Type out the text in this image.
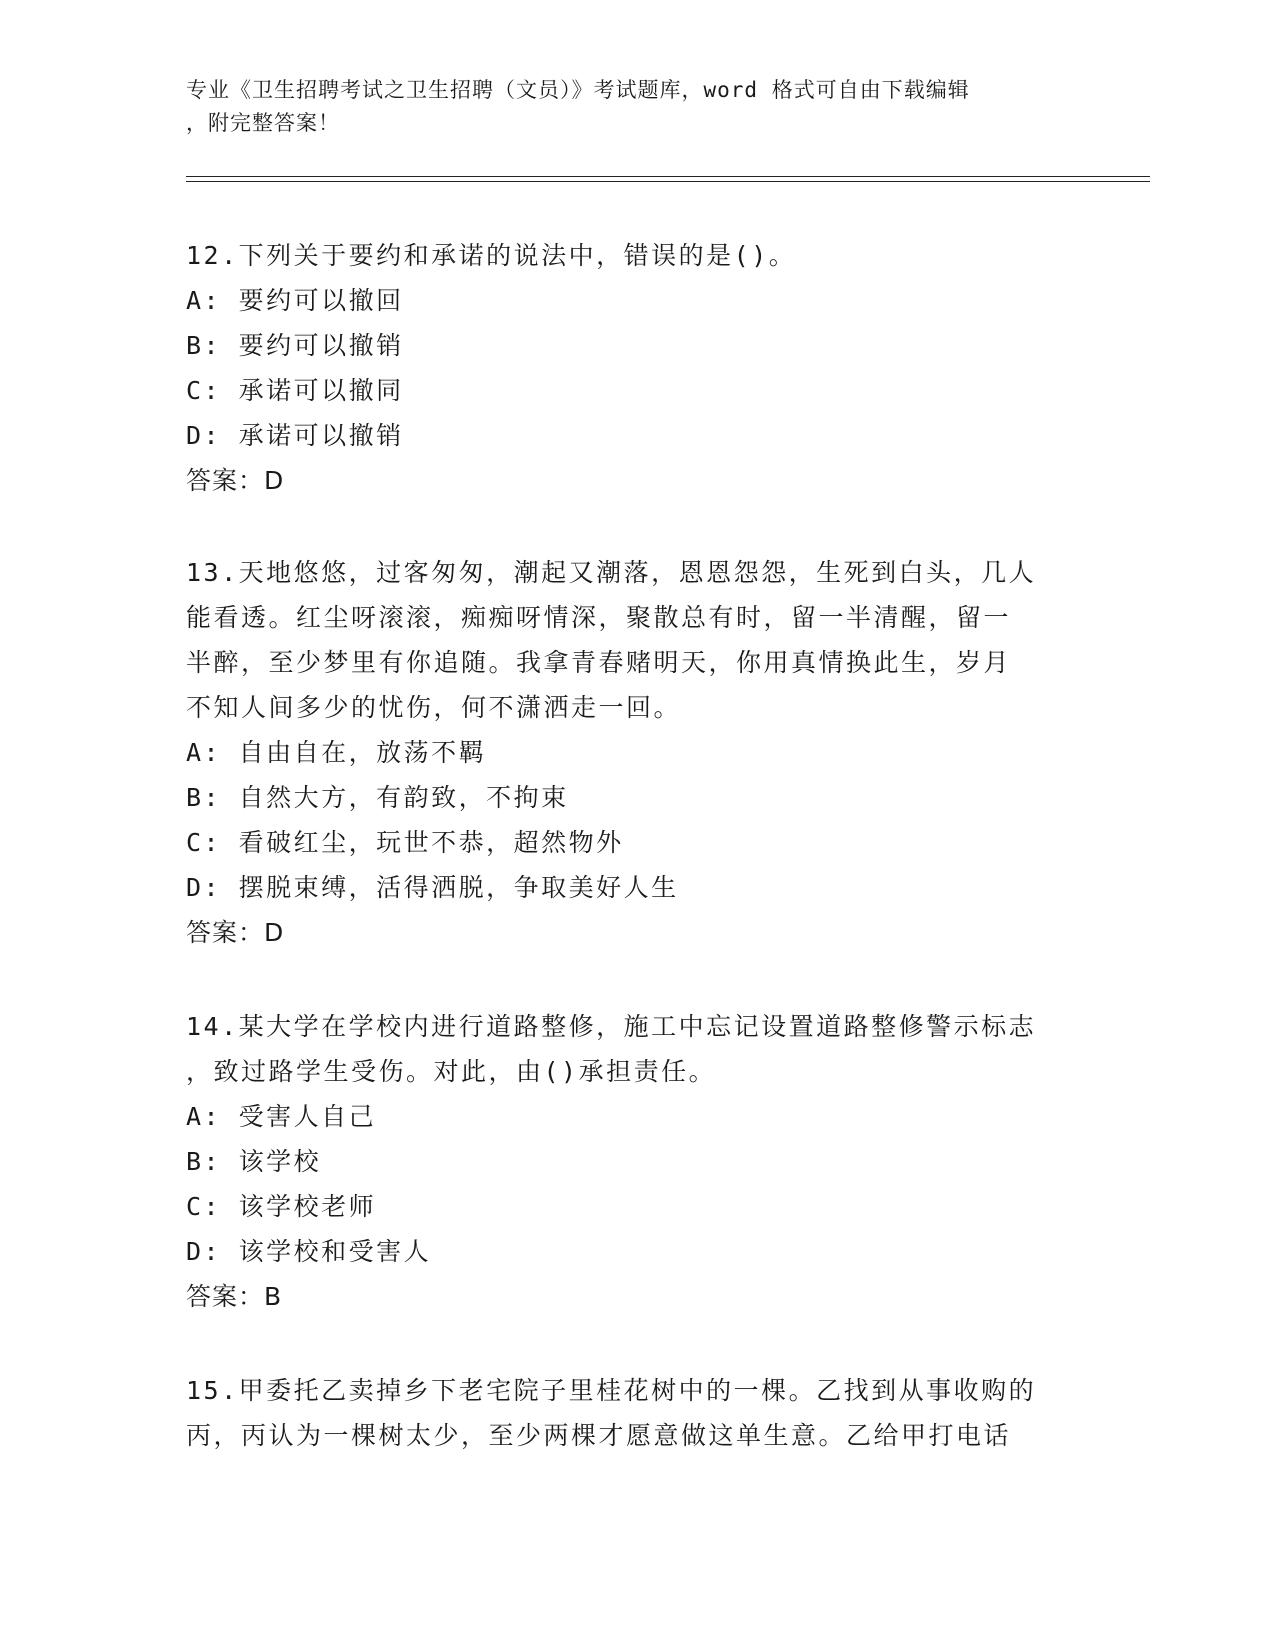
专业《卫生招聘考试之卫生招聘（文员）》考试题库，word 格式可自由下载编辑

，附完整答案！

12.下列关于要约和承诺的说法中，错误的是()。

A: 要约可以撤回

B: 要约可以撤销

C: 承诺可以撤同

D: 承诺可以撤销

答案：D

13.天地悠悠，过客匆匆，潮起又潮落，恩恩怨怨，生死到白头，几人

能看透。红尘呀滚滚，痴痴呀情深，聚散总有时，留一半清醒，留一

半醉，至少梦里有你追随。我拿青春赌明天，你用真情换此生，岁月

不知人间多少的忧伤，何不潇洒走一回。

A: 自由自在，放荡不羁

B: 自然大方，有韵致，不拘束

C: 看破红尘，玩世不恭，超然物外

D: 摆脱束缚，活得洒脱，争取美好人生

答案：D

14.某大学在学校内进行道路整修，施工中忘记设置道路整修警示标志

，致过路学生受伤。对此，由()承担责任。

A: 受害人自己

B: 该学校

C: 该学校老师

D: 该学校和受害人

答案：B

15.甲委托乙卖掉乡下老宅院子里桂花树中的一棵。乙找到从事收购的

丙，丙认为一棵树太少，至少两棵才愿意做这单生意。乙给甲打电话
